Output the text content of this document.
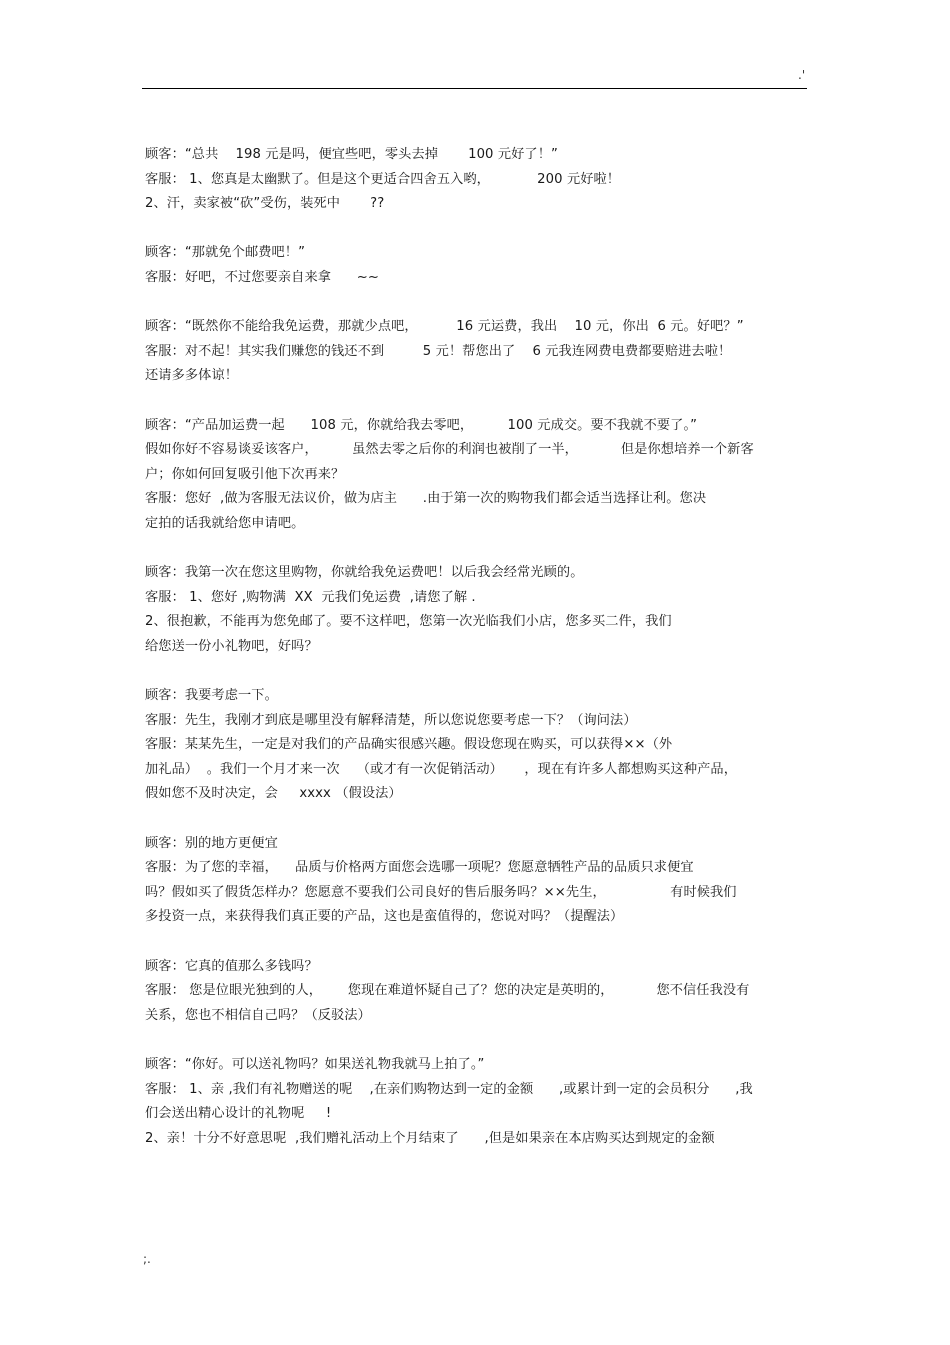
.'
顾客：“总共    198 元是吗，便宜些吧，零头去掉       100 元好了！”
客服： 1、您真是太幽默了。但是这个更适合四舍五入哟，           200 元好啦！
2、汗，卖家被“砍”受伤，装死中       ??
顾客：“那就免个邮费吧！”
客服：好吧，不过您要亲自来拿      ~~
顾客：“既然你不能给我免运费，那就少点吧，         16 元运费，我出    10 元，你出  6 元。好吧？”
客服：对不起！其实我们赚您的钱还不到         5 元！帮您出了    6 元我连网费电费都要赔进去啦！
还请多多体谅！
顾客：“产品加运费一起      108 元，你就给我去零吧，        100 元成交。要不我就不要了。”
假如你好不容易谈妥该客户，        虽然去零之后你的利润也被削了一半，          但是你想培养一个新客
户；你如何回复吸引他下次再来？
客服：您好  ,做为客服无法议价，做为店主      .由于第一次的购物我们都会适当选择让利。您决
定拍的话我就给您申请吧。
顾客：我第一次在您这里购物，你就给我免运费吧！以后我会经常光顾的。
客服： 1、您好 ,购物满  XX  元我们免运费  ,请您了解 .
2、很抱歉，不能再为您免邮了。要不这样吧，您第一次光临我们小店，您多买二件，我们
给您送一份小礼物吧，好吗？
顾客：我要考虑一下。
客服：先生，我刚才到底是哪里没有解释清楚，所以您说您要考虑一下？（询问法）
客服：某某先生，一定是对我们的产品确实很感兴趣。假设您现在购买，可以获得××（外
加礼品）  。我们一个月才来一次    （或才有一次促销活动）     ，现在有许多人都想购买这种产品，
假如您不及时决定，会     xxxx （假设法）
顾客：别的地方更便宜
客服：为了您的幸福，    品质与价格两方面您会选哪一项呢？您愿意牺牲产品的品质只求便宜
吗？假如买了假货怎样办？您愿意不要我们公司良好的售后服务吗？××先生，               有时候我们
多投资一点，来获得我们真正要的产品，这也是蛮值得的，您说对吗？（提醒法）
顾客：它真的值那么多钱吗？
客服： 您是位眼光独到的人，      您现在难道怀疑自己了？您的决定是英明的，          您不信任我没有
关系，您也不相信自己吗？（反驳法）
顾客：“你好。可以送礼物吗？如果送礼物我就马上拍了。”
客服： 1、亲 ,我们有礼物赠送的呢    ,在亲们购物达到一定的金额      ,或累计到一定的会员积分      ,我
们会送出精心设计的礼物呢     !
2、亲！十分不好意思呢  ,我们赠礼活动上个月结束了      ,但是如果亲在本店购买达到规定的金额
;.
